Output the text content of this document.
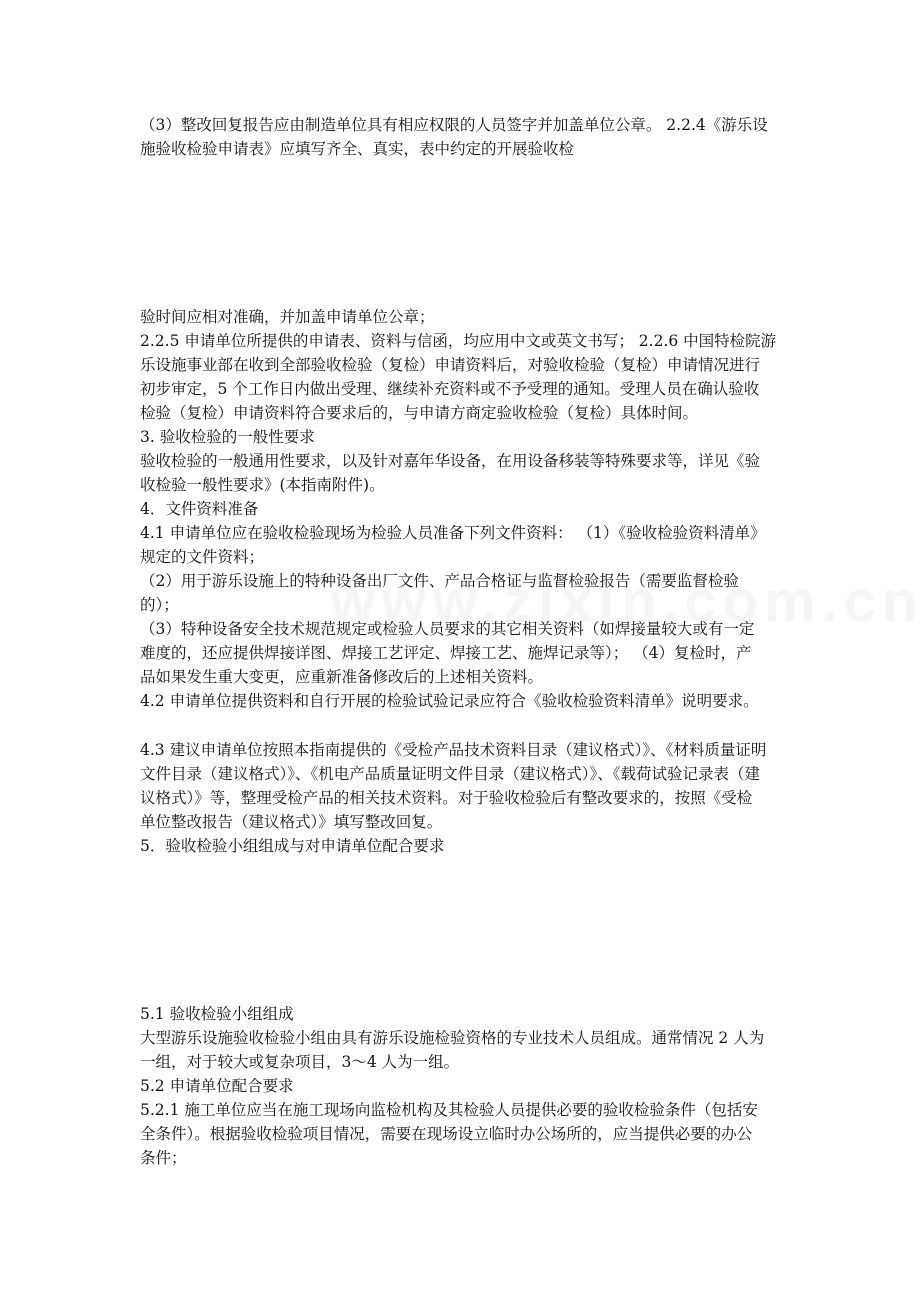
（3）整改回复报告应由制造单位具有相应权限的人员签字并加盖单位公章。 2.2.4《游乐设
施验收检验申请表》应填写齐全、真实，表中约定的开展验收检
验时间应相对准确，并加盖申请单位公章；
2.2.5 申请单位所提供的申请表、资料与信函，均应用中文或英文书写； 2.2.6 中国特检院游
乐设施事业部在收到全部验收检验（复检）申请资料后，对验收检验（复检）申请情况进行
初步审定，5 个工作日内做出受理、继续补充资料或不予受理的通知。受理人员在确认验收
检验（复检）申请资料符合要求后的，与申请方商定验收检验（复检）具体时间。
3. 验收检验的一般性要求
验收检验的一般通用性要求，以及针对嘉年华设备，在用设备移装等特殊要求等，详见《验
收检验一般性要求》(本指南附件)。
4．文件资料准备
4.1 申请单位应在验收检验现场为检验人员准备下列文件资料： （1）《验收检验资料清单》
规定的文件资料；
（2）用于游乐设施上的特种设备出厂文件、产品合格证与监督检验报告（需要监督检验
的）；
（3）特种设备安全技术规范规定或检验人员要求的其它相关资料（如焊接量较大或有一定
难度的，还应提供焊接详图、焊接工艺评定、焊接工艺、施焊记录等）； （4）复检时，产
品如果发生重大变更，应重新准备修改后的上述相关资料。
4.2 申请单位提供资料和自行开展的检验试验记录应符合《验收检验资料清单》说明要求。
4.3 建议申请单位按照本指南提供的《受检产品技术资料目录（建议格式）》、《材料质量证明
文件目录（建议格式）》、《机电产品质量证明文件目录（建议格式）》、《载荷试验记录表（建
议格式）》等，整理受检产品的相关技术资料。对于验收检验后有整改要求的，按照《受检
单位整改报告（建议格式）》填写整改回复。
5．验收检验小组组成与对申请单位配合要求
5.1 验收检验小组组成
大型游乐设施验收检验小组由具有游乐设施检验资格的专业技术人员组成。通常情况 2 人为
一组，对于较大或复杂项目，3～4 人为一组。
5.2 申请单位配合要求
5.2.1 施工单位应当在施工现场向监检机构及其检验人员提供必要的验收检验条件（包括安
全条件）。根据验收检验项目情况，需要在现场设立临时办公场所的，应当提供必要的办公
条件；
